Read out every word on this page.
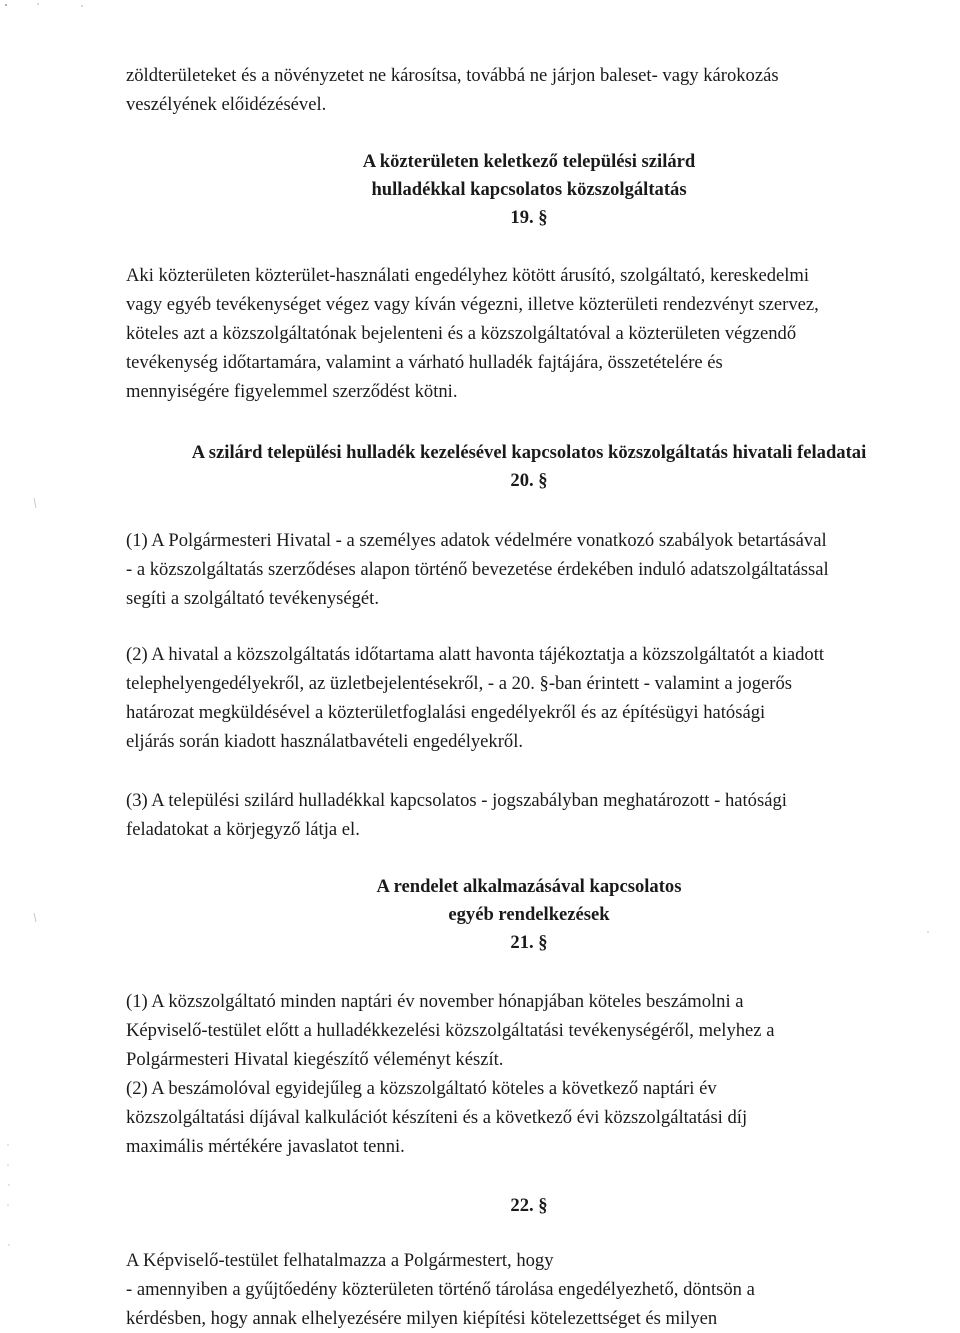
zöldterületeket és a növényzetet ne károsítsa, továbbá ne járjon baleset- vagy károkozás
veszélyének előidézésével.
A közterületen keletkező települési szilárd
hulladékkal kapcsolatos közszolgáltatás
19. §
Aki közterületen közterület-használati engedélyhez kötött árusító, szolgáltató, kereskedelmi
vagy egyéb tevékenységet végez vagy kíván végezni, illetve közterületi rendezvényt szervez,
köteles azt a közszolgáltatónak bejelenteni és a közszolgáltatóval a közterületen végzendő
tevékenység időtartamára, valamint a várható hulladék fajtájára, összetételére és
mennyiségére figyelemmel szerződést kötni.
A szilárd települési hulladék kezelésével kapcsolatos közszolgáltatás hivatali feladatai
20. §
(1) A Polgármesteri Hivatal - a személyes adatok védelmére vonatkozó szabályok betartásával
- a közszolgáltatás szerződéses alapon történő bevezetése érdekében induló adatszolgáltatással
segíti a szolgáltató tevékenységét.
(2) A hivatal a közszolgáltatás időtartama alatt havonta tájékoztatja a közszolgáltatót a kiadott
telephelyengedélyekről, az üzletbejelentésekről, - a 20. §-ban érintett - valamint a jogerős
határozat megküldésével a közterületfoglalási engedélyekről és az építésügyi hatósági
eljárás során kiadott használatbavételi engedélyekről.
(3) A települési szilárd hulladékkal kapcsolatos - jogszabályban meghatározott - hatósági
feladatokat a körjegyző látja el.
A rendelet alkalmazásával kapcsolatos
egyéb rendelkezések
21. §
(1) A közszolgáltató minden naptári év november hónapjában köteles beszámolni a
Képviselő-testület előtt a hulladékkezelési közszolgáltatási tevékenységéről, melyhez a
Polgármesteri Hivatal kiegészítő véleményt készít.
(2) A beszámolóval egyidejűleg a közszolgáltató köteles a következő naptári év
közszolgáltatási díjával kalkulációt készíteni és a következő évi közszolgáltatási díj
maximális mértékére javaslatot tenni.
22. §
A Képviselő-testület felhatalmazza a Polgármestert, hogy
- amennyiben a gyűjtőedény közterületen történő tárolása engedélyezhető, döntsön a
kérdésben, hogy annak elhelyezésére milyen kiépítési kötelezettséget és milyen
